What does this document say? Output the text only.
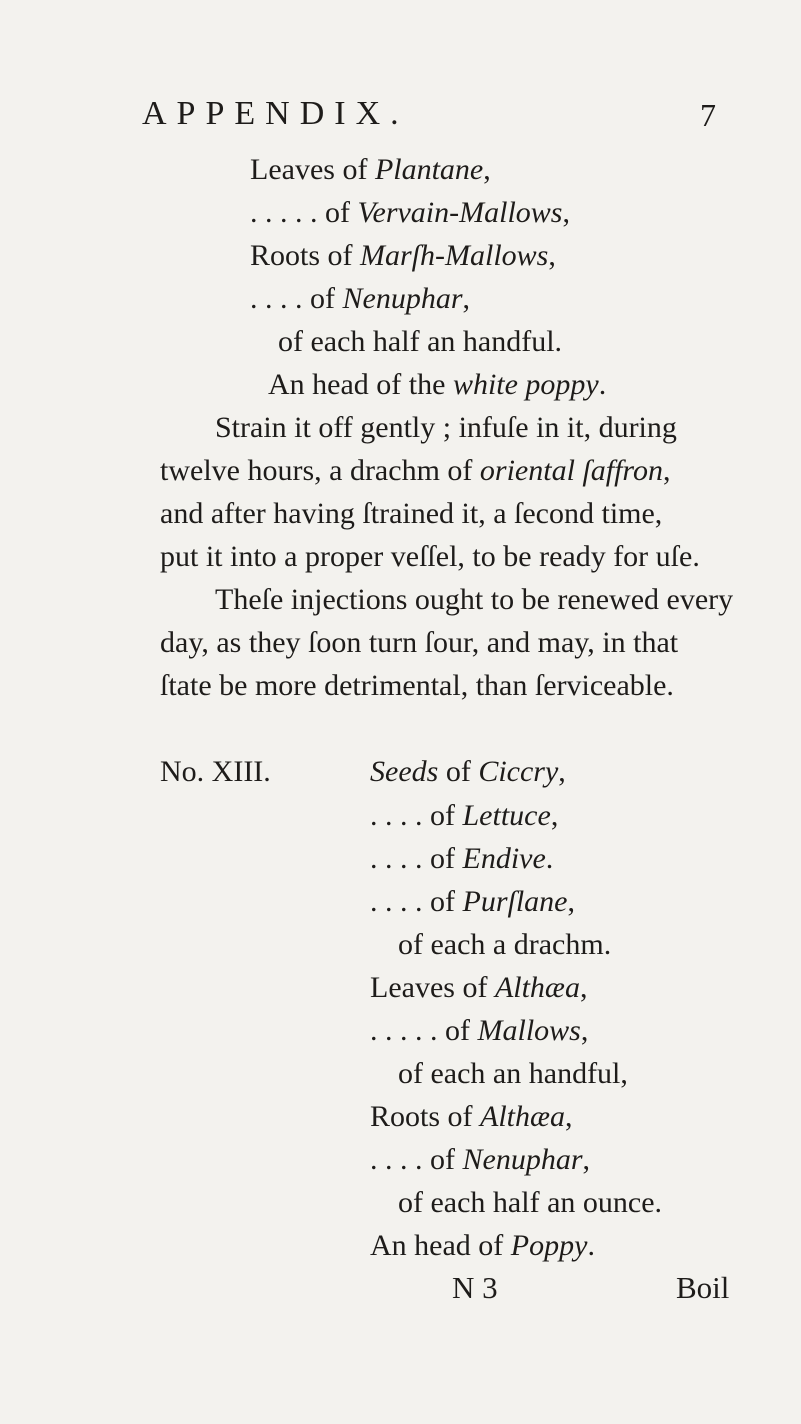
APPENDIX.	7
Leaves of Plantane,
. . . . . of Vervain-Mallows,
Roots of Marſh-Mallows,
. . . . of Nenuphar,
of each half an handful.
An head of the white poppy.
Strain it off gently ; infuſe in it, during
twelve hours, a drachm of oriental ſaffron,
and after having ſtrained it, a ſecond time,
put it into a proper veſſel, to be ready for uſe.
Theſe injections ought to be renewed every
day, as they ſoon turn ſour, and may, in that
ſtate be more detrimental, than ſerviceable.
No. XIII.	Seeds of Ciccry,
. . . . of Lettuce,
. . . . of Endive.
. . . . of Purſlane,
of each a drachm.
Leaves of Althæa,
. . . . . of Mallows,
of each an handful,
Roots of Althæa,
. . . . of Nenuphar,
of each half an ounce.
An head of Poppy.
N 3	Boil
